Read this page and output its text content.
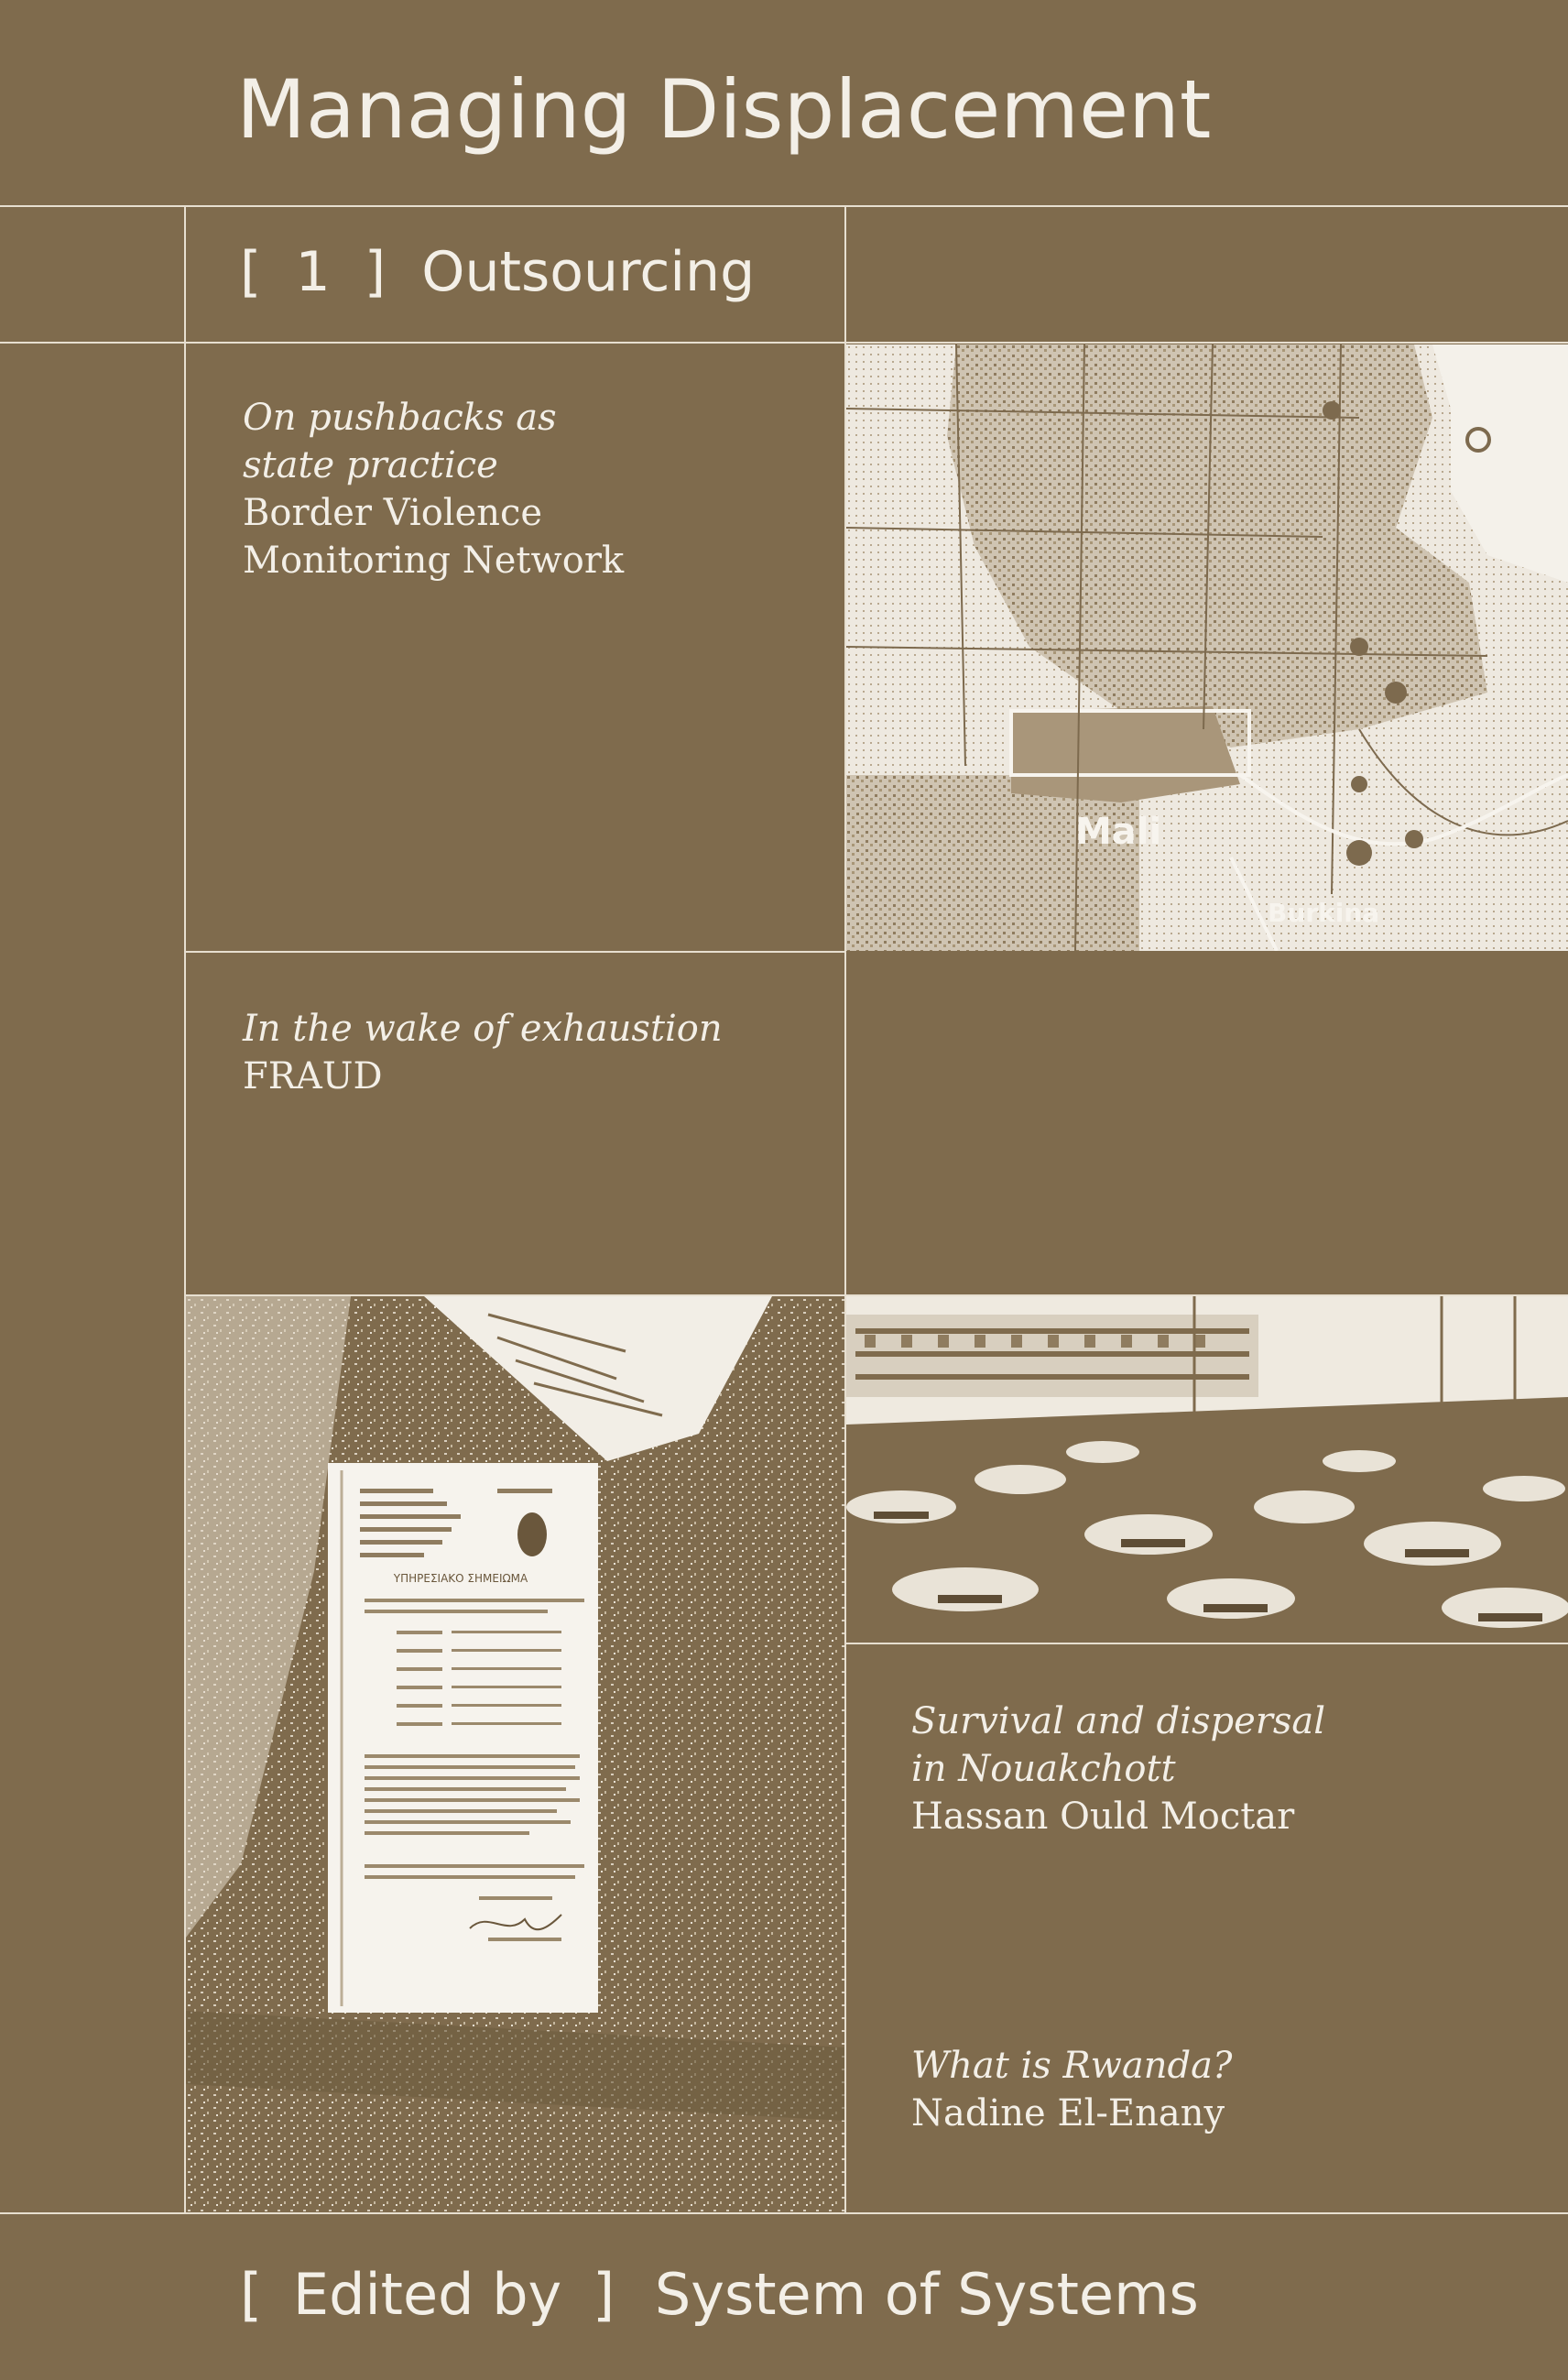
Managing Displacement
[ 1 ] Outsourcing
On pushbacks as
state practice
Border Violence
Monitoring Network
In the wake of exhaustion
FRAUD
Survival and dispersal
in Nouakchott
Hassan Ould Moctar
What is Rwanda?
Nadine El-Enany
Mali
Burkina
ΥΠΗΡΕΣΙΑΚΟ ΣΗΜΕΙΩΜΑ
[ Edited by ] System of Systems
